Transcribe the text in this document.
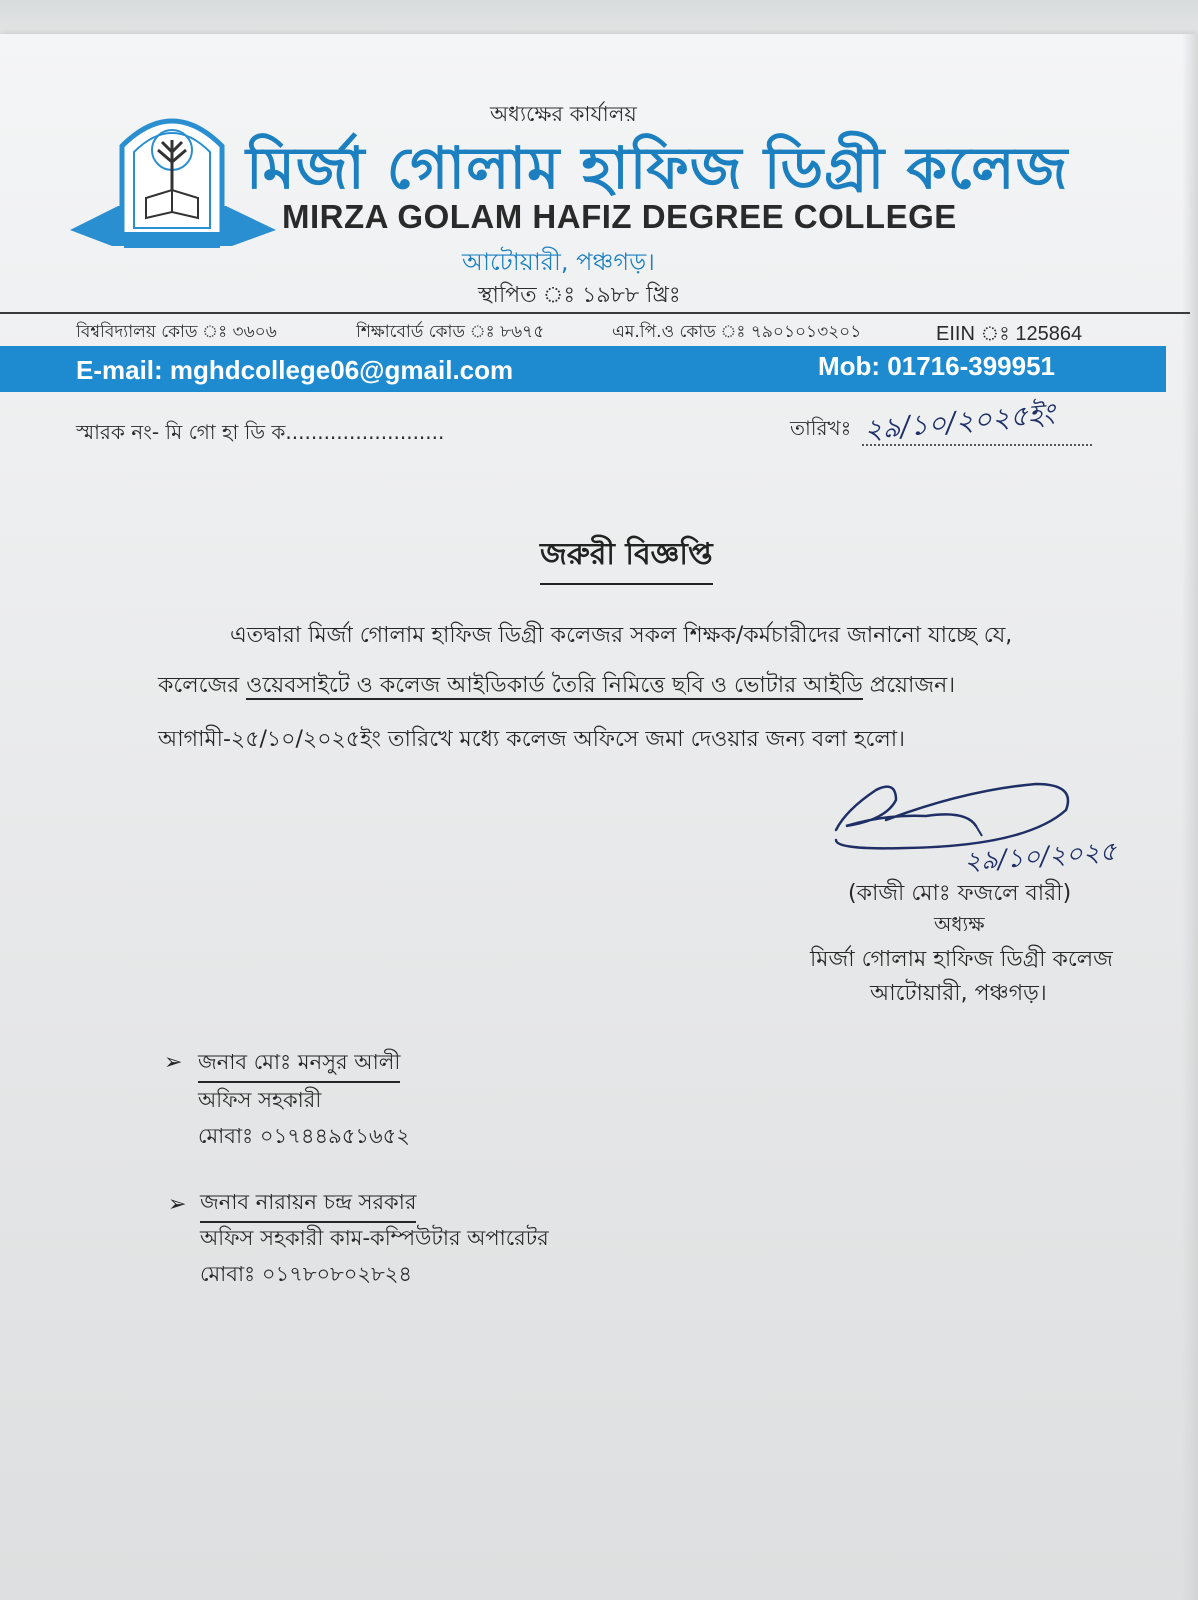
অধ্যক্ষের কার্যালয়
মির্জা গোলাম হাফিজ ডিগ্রী কলেজ
MIRZA GOLAM HAFIZ DEGREE COLLEGE
আটোয়ারী, পঞ্চগড়।
স্থাপিত ঃ ১৯৮৮ খ্রিঃ
বিশ্ববিদ্যালয় কোড ঃ ৩৬০৬	শিক্ষাবোর্ড কোড ঃ ৮৬৭৫	এম.পি.ও কোড ঃ ৭৯০১০১৩২০১	EIIN ঃ 125864
E-mail: mghdcollege06@gmail.com	Mob: 01716-399951
স্মারক নং- মি গো হা ডি ক.........................	তারিখঃ ২৯/১০/২০২৫ইং
জরুরী বিজ্ঞপ্তি
এতদ্বারা মির্জা গোলাম হাফিজ ডিগ্রী কলেজর সকল শিক্ষক/কর্মচারীদের জানানো যাচ্ছে যে,
কলেজের ওয়েবসাইটে ও কলেজ আইডিকার্ড তৈরি নিমিত্তে ছবি ও ভোটার আইডি প্রয়োজন।
আগামী-২৫/১০/২০২৫ইং তারিখে মধ্যে কলেজ অফিসে জমা দেওয়ার জন্য বলা হলো।
২৯/১০/২০২৫
(কাজী মোঃ ফজলে বারী)
অধ্যক্ষ
মির্জা গোলাম হাফিজ ডিগ্রী কলেজ
আটোয়ারী, পঞ্চগড়।
➢ জনাব মোঃ মনসুর আলী
অফিস সহকারী
মোবাঃ ০১৭৪৪৯৫১৬৫২
➢ জনাব নারায়ন চন্দ্র সরকার
অফিস সহকারী কাম-কম্পিউটার অপারেটর
মোবাঃ ০১৭৮০৮০২৮২৪
